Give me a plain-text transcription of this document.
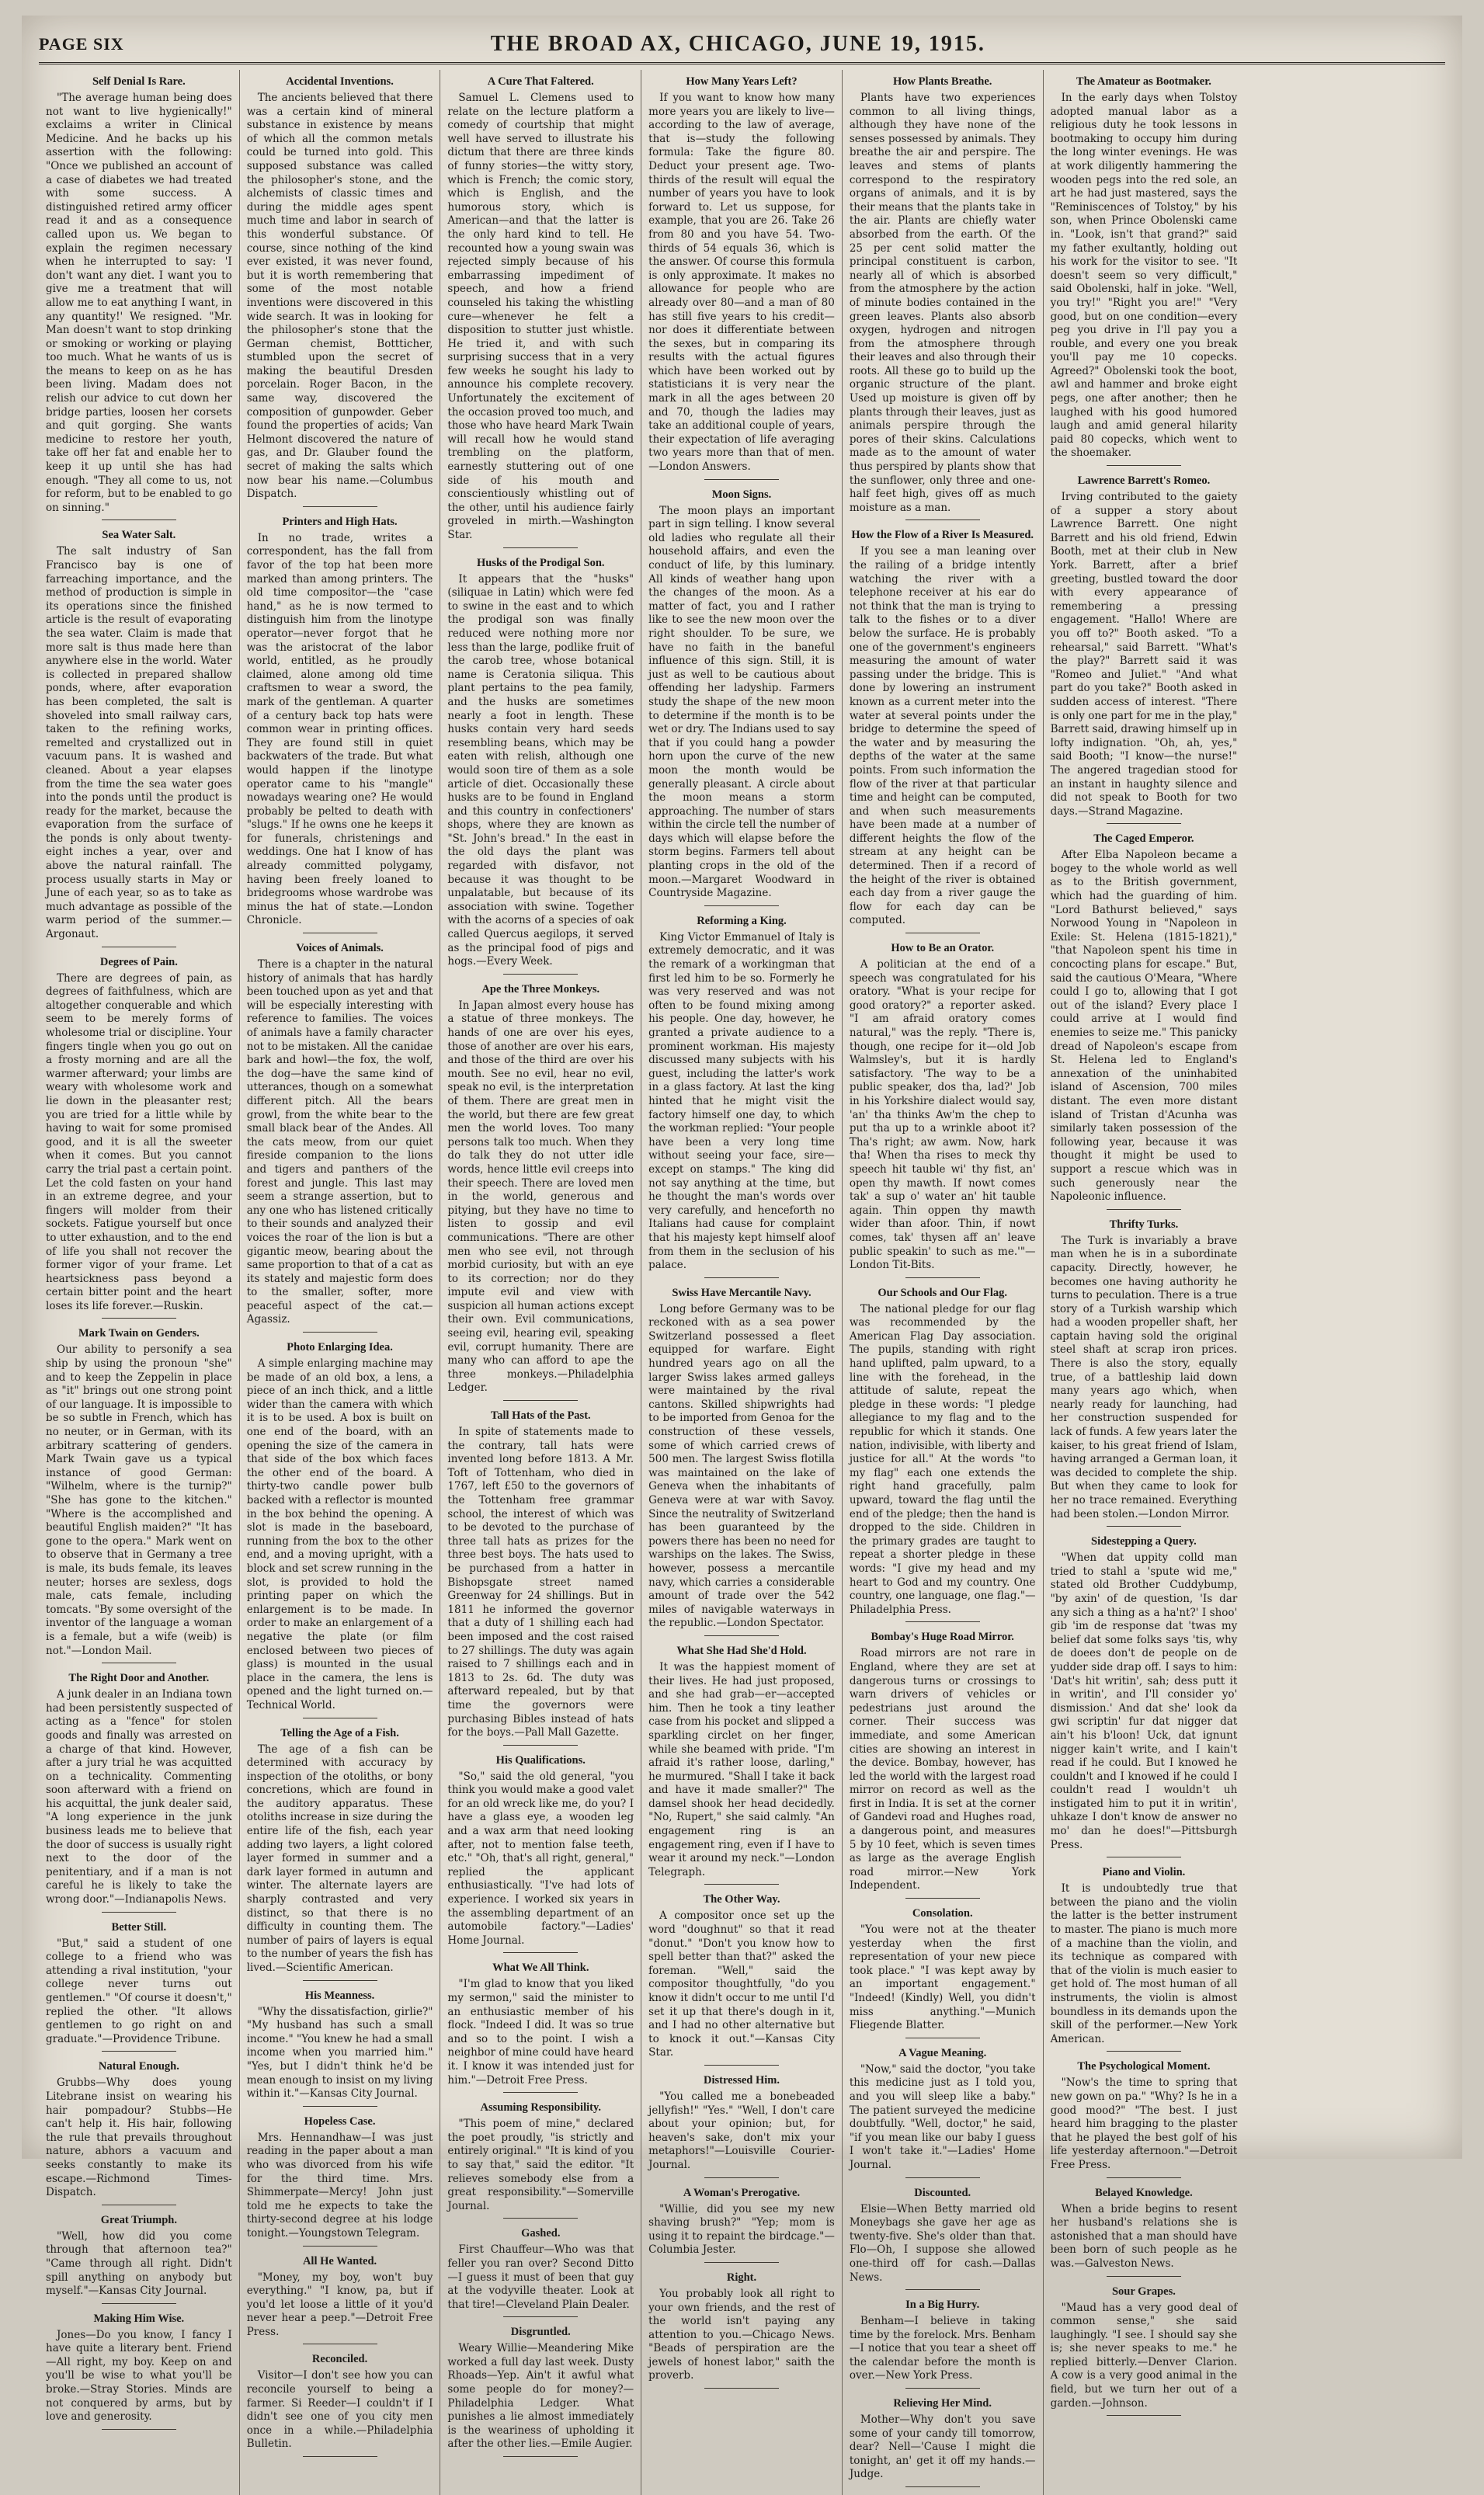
PAGE SIX	THE BROAD AX, CHICAGO, JUNE 19, 1915.
Self Denial Is Rare.

"The average human being does not want to live hygienically!" exclaims a writer in Clinical Medicine. And he backs up his assertion with the following: "Once we published an account of a case of diabetes we had treated with some success. A distinguished retired army officer read it and as a consequence called upon us. We began to explain the regimen necessary when he interrupted to say: 'I don't want any diet. I want you to give me a treatment that will allow me to eat anything I want, in any quantity!' We resigned. "Mr. Man doesn't want to stop drinking or smoking or working or playing too much. What he wants of us is the means to keep on as he has been living. Madam does not relish our advice to cut down her bridge parties, loosen her corsets and quit gorging. She wants medicine to restore her youth, take off her fat and enable her to keep it up until she has had enough. "They all come to us, not for reform, but to be enabled to go on sinning."

Sea Water Salt.

The salt industry of San Francisco bay is one of farreaching importance, and the method of production is simple in its operations since the finished article is the result of evaporating the sea water. Claim is made that more salt is thus made here than anywhere else in the world. Water is collected in prepared shallow ponds, where, after evaporation has been completed, the salt is shoveled into small railway cars, taken to the refining works, remelted and crystallized out in vacuum pans. It is washed and cleaned. About a year elapses from the time the sea water goes into the ponds until the product is ready for the market, because the evaporation from the surface of the ponds is only about twenty-eight inches a year, over and above the natural rainfall. The process usually starts in May or June of each year, so as to take as much advantage as possible of the warm period of the summer.—Argonaut.

Degrees of Pain.

There are degrees of pain, as degrees of faithfulness, which are altogether conquerable and which seem to be merely forms of wholesome trial or discipline. Your fingers tingle when you go out on a frosty morning and are all the warmer afterward; your limbs are weary with wholesome work and lie down in the pleasanter rest; you are tried for a little while by having to wait for some promised good, and it is all the sweeter when it comes. But you cannot carry the trial past a certain point. Let the cold fasten on your hand in an extreme degree, and your fingers will molder from their sockets. Fatigue yourself but once to utter exhaustion, and to the end of life you shall not recover the former vigor of your frame. Let heartsickness pass beyond a certain bitter point and the heart loses its life forever.—Ruskin.

Mark Twain on Genders.

Our ability to personify a sea ship by using the pronoun "she" and to keep the Zeppelin in place as "it" brings out one strong point of our language. It is impossible to be so subtle in French, which has no neuter, or in German, with its arbitrary scattering of genders. Mark Twain gave us a typical instance of good German: "Wilhelm, where is the turnip?" "She has gone to the kitchen." "Where is the accomplished and beautiful English maiden?" "It has gone to the opera." Mark went on to observe that in Germany a tree is male, its buds female, its leaves neuter; horses are sexless, dogs male, cats female, including tomcats. "By some oversight of the inventor of the language a woman is a female, but a wife (weib) is not."—London Mail.

The Right Door and Another.

A junk dealer in an Indiana town had been persistently suspected of acting as a "fence" for stolen goods and finally was arrested on a charge of that kind. However, after a jury trial he was acquitted on a technicality. Commenting soon afterward with a friend on his acquittal, the junk dealer said, "A long experience in the junk business leads me to believe that the door of success is usually right next to the door of the penitentiary, and if a man is not careful he is likely to take the wrong door."—Indianapolis News.

Better Still.

"But," said a student of one college to a friend who was attending a rival institution, "your college never turns out gentlemen." "Of course it doesn't," replied the other. "It allows gentlemen to go right on and graduate."—Providence Tribune.

Natural Enough.

Grubbs—Why does young Litebrane insist on wearing his hair pompadour? Stubbs—He can't help it. His hair, following the rule that prevails throughout nature, abhors a vacuum and seeks constantly to make its escape.—Richmond Times-Dispatch.

Great Triumph.

"Well, how did you come through that afternoon tea?" "Came through all right. Didn't spill anything on anybody but myself."—Kansas City Journal.

Making Him Wise.

Jones—Do you know, I fancy I have quite a literary bent. Friend—All right, my boy. Keep on and you'll be wise to what you'll be broke.—Stray Stories. Minds are not conquered by arms, but by love and generosity.

Accidental Inventions.

The ancients believed that there was a certain kind of mineral substance in existence by means of which all the common metals could be turned into gold. This supposed substance was called the philosopher's stone, and the alchemists of classic times and during the middle ages spent much time and labor in search of this wonderful substance. Of course, since nothing of the kind ever existed, it was never found, but it is worth remembering that some of the most notable inventions were discovered in this wide search. It was in looking for the philosopher's stone that the German chemist, Bottticher, stumbled upon the secret of making the beautiful Dresden porcelain. Roger Bacon, in the same way, discovered the composition of gunpowder. Geber found the properties of acids; Van Helmont discovered the nature of gas, and Dr. Glauber found the secret of making the salts which now bear his name.—Columbus Dispatch.

Printers and High Hats.

In no trade, writes a correspondent, has the fall from favor of the top hat been more marked than among printers. The old time compositor—the "case hand," as he is now termed to distinguish him from the linotype operator—never forgot that he was the aristocrat of the labor world, entitled, as he proudly claimed, alone among old time craftsmen to wear a sword, the mark of the gentleman. A quarter of a century back top hats were common wear in printing offices. They are found still in quiet backwaters of the trade. But what would happen if the linotype operator came to his "mangle" nowadays wearing one? He would probably be pelted to death with "slugs." If he owns one he keeps it for funerals, christenings and weddings. One hat I know of has already committed polygamy, having been freely loaned to bridegrooms whose wardrobe was minus the hat of state.—London Chronicle.

Voices of Animals.

There is a chapter in the natural history of animals that has hardly been touched upon as yet and that will be especially interesting with reference to families. The voices of animals have a family character not to be mistaken. All the canidae bark and howl—the fox, the wolf, the dog—have the same kind of utterances, though on a somewhat different pitch. All the bears growl, from the white bear to the small black bear of the Andes. All the cats meow, from our quiet fireside companion to the lions and tigers and panthers of the forest and jungle. This last may seem a strange assertion, but to any one who has listened critically to their sounds and analyzed their voices the roar of the lion is but a gigantic meow, bearing about the same proportion to that of a cat as its stately and majestic form does to the smaller, softer, more peaceful aspect of the cat.—Agassiz.

Photo Enlarging Idea.

A simple enlarging machine may be made of an old box, a lens, a piece of an inch thick, and a little wider than the camera with which it is to be used. A box is built on one end of the board, with an opening the size of the camera in that side of the box which faces the other end of the board. A thirty-two candle power bulb backed with a reflector is mounted in the box behind the opening. A slot is made in the baseboard, running from the box to the other end, and a moving upright, with a block and set screw running in the slot, is provided to hold the printing paper on which the enlargement is to be made. In order to make an enlargement of a negative the plate (or film enclosed between two pieces of glass) is mounted in the usual place in the camera, the lens is opened and the light turned on.—Technical World.

Telling the Age of a Fish.

The age of a fish can be determined with accuracy by inspection of the otoliths, or bony concretions, which are found in the auditory apparatus. These otoliths increase in size during the entire life of the fish, each year adding two layers, a light colored layer formed in summer and a dark layer formed in autumn and winter. The alternate layers are sharply contrasted and very distinct, so that there is no difficulty in counting them. The number of pairs of layers is equal to the number of years the fish has lived.—Scientific American.

His Meanness.

"Why the dissatisfaction, girlie?" "My husband has such a small income." "You knew he had a small income when you married him." "Yes, but I didn't think he'd be mean enough to insist on my living within it."—Kansas City Journal.

Hopeless Case.

Mrs. Hennandhaw—I was just reading in the paper about a man who was divorced from his wife for the third time. Mrs. Shimmerpate—Mercy! John just told me he expects to take the thirty-second degree at his lodge tonight.—Youngstown Telegram.

All He Wanted.

"Money, my boy, won't buy everything." "I know, pa, but if you'd let loose a little of it you'd never hear a peep."—Detroit Free Press.

Reconciled.

Visitor—I don't see how you can reconcile yourself to being a farmer. Si Reeder—I couldn't if I didn't see one of you city men once in a while.—Philadelphia Bulletin.

A Cure That Faltered.

Samuel L. Clemens used to relate on the lecture platform a comedy of courtship that might well have served to illustrate his dictum that there are three kinds of funny stories—the witty story, which is French; the comic story, which is English, and the humorous story, which is American—and that the latter is the only hard kind to tell. He recounted how a young swain was rejected simply because of his embarrassing impediment of speech, and how a friend counseled his taking the whistling cure—whenever he felt a disposition to stutter just whistle. He tried it, and with such surprising success that in a very few weeks he sought his lady to announce his complete recovery. Unfortunately the excitement of the occasion proved too much, and those who have heard Mark Twain will recall how he would stand trembling on the platform, earnestly stuttering out of one side of his mouth and conscientiously whistling out of the other, until his audience fairly groveled in mirth.—Washington Star.

Husks of the Prodigal Son.

It appears that the "husks" (siliquae in Latin) which were fed to swine in the east and to which the prodigal son was finally reduced were nothing more nor less than the large, podlike fruit of the carob tree, whose botanical name is Ceratonia siliqua. This plant pertains to the pea family, and the husks are sometimes nearly a foot in length. These husks contain very hard seeds resembling beans, which may be eaten with relish, although one would soon tire of them as a sole article of diet. Occasionally these husks are to be found in England and this country in confectioners' shops, where they are known as "St. John's bread." In the east in the old days the plant was regarded with disfavor, not because it was thought to be unpalatable, but because of its association with swine. Together with the acorns of a species of oak called Quercus aegilops, it served as the principal food of pigs and hogs.—Every Week.

Ape the Three Monkeys.

In Japan almost every house has a statue of three monkeys. The hands of one are over his eyes, those of another are over his ears, and those of the third are over his mouth. See no evil, hear no evil, speak no evil, is the interpretation of them. There are great men in the world, but there are few great men the world loves. Too many persons talk too much. When they do talk they do not utter idle words, hence little evil creeps into their speech. There are loved men in the world, generous and pitying, but they have no time to listen to gossip and evil communications. "There are other men who see evil, not through morbid curiosity, but with an eye to its correction; nor do they impute evil and view with suspicion all human actions except their own. Evil communications, seeing evil, hearing evil, speaking evil, corrupt humanity. There are many who can afford to ape the three monkeys.—Philadelphia Ledger.

Tall Hats of the Past.

In spite of statements made to the contrary, tall hats were invented long before 1813. A Mr. Toft of Tottenham, who died in 1767, left £50 to the governors of the Tottenham free grammar school, the interest of which was to be devoted to the purchase of three tall hats as prizes for the three best boys. The hats used to be purchased from a hatter in Bishopsgate street named Greenway for 24 shillings. But in 1811 he informed the governor that a duty of 1 shilling each had been imposed and the cost raised to 27 shillings. The duty was again raised to 7 shillings each and in 1813 to 2s. 6d. The duty was afterward repealed, but by that time the governors were purchasing Bibles instead of hats for the boys.—Pall Mall Gazette.

His Qualifications.

"So," said the old general, "you think you would make a good valet for an old wreck like me, do you? I have a glass eye, a wooden leg and a wax arm that need looking after, not to mention false teeth, etc." "Oh, that's all right, general," replied the applicant enthusiastically. "I've had lots of experience. I worked six years in the assembling department of an automobile factory."—Ladies' Home Journal.

What We All Think.

"I'm glad to know that you liked my sermon," said the minister to an enthusiastic member of his flock. "Indeed I did. It was so true and so to the point. I wish a neighbor of mine could have heard it. I know it was intended just for him."—Detroit Free Press.

Assuming Responsibility.

"This poem of mine," declared the poet proudly, "is strictly and entirely original." "It is kind of you to say that," said the editor. "It relieves somebody else from a great responsibility."—Somerville Journal.

Gashed.

First Chauffeur—Who was that feller you ran over? Second Ditto—I guess it must of been that guy at the vodyville theater. Look at that tire!—Cleveland Plain Dealer.

Disgruntled.

Weary Willie—Meandering Mike worked a full day last week. Dusty Rhoads—Yep. Ain't it awful what some people do for money?—Philadelphia Ledger. What punishes a lie almost immediately is the weariness of upholding it after the other lies.—Emile Augier.

How Many Years Left?

If you want to know how many more years you are likely to live—according to the law of average, that is—study the following formula: Take the figure 80. Deduct your present age. Two-thirds of the result will equal the number of years you have to look forward to. Let us suppose, for example, that you are 26. Take 26 from 80 and you have 54. Two-thirds of 54 equals 36, which is the answer. Of course this formula is only approximate. It makes no allowance for people who are already over 80—and a man of 80 has still five years to his credit—nor does it differentiate between the sexes, but in comparing its results with the actual figures which have been worked out by statisticians it is very near the mark in all the ages between 20 and 70, though the ladies may take an additional couple of years, their expectation of life averaging two years more than that of men.—London Answers.

Moon Signs.

The moon plays an important part in sign telling. I know several old ladies who regulate all their household affairs, and even the conduct of life, by this luminary. All kinds of weather hang upon the changes of the moon. As a matter of fact, you and I rather like to see the new moon over the right shoulder. To be sure, we have no faith in the baneful influence of this sign. Still, it is just as well to be cautious about offending her ladyship. Farmers study the shape of the new moon to determine if the month is to be wet or dry. The Indians used to say that if you could hang a powder horn upon the curve of the new moon the month would be generally pleasant. A circle about the moon means a storm approaching. The number of stars within the circle tell the number of days which will elapse before the storm begins. Farmers tell about planting crops in the old of the moon.—Margaret Woodward in Countryside Magazine.

Reforming a King.

King Victor Emmanuel of Italy is extremely democratic, and it was the remark of a workingman that first led him to be so. Formerly he was very reserved and was not often to be found mixing among his people. One day, however, he granted a private audience to a prominent workman. His majesty discussed many subjects with his guest, including the latter's work in a glass factory. At last the king hinted that he might visit the factory himself one day, to which the workman replied: "Your people have been a very long time without seeing your face, sire—except on stamps." The king did not say anything at the time, but he thought the man's words over very carefully, and henceforth no Italians had cause for complaint that his majesty kept himself aloof from them in the seclusion of his palace.

Swiss Have Mercantile Navy.

Long before Germany was to be reckoned with as a sea power Switzerland possessed a fleet equipped for warfare. Eight hundred years ago on all the larger Swiss lakes armed galleys were maintained by the rival cantons. Skilled shipwrights had to be imported from Genoa for the construction of these vessels, some of which carried crews of 500 men. The largest Swiss flotilla was maintained on the lake of Geneva when the inhabitants of Geneva were at war with Savoy. Since the neutrality of Switzerland has been guaranteed by the powers there has been no need for warships on the lakes. The Swiss, however, possess a mercantile navy, which carries a considerable amount of trade over the 542 miles of navigable waterways in the republic.—London Spectator.

What She Had She'd Hold.

It was the happiest moment of their lives. He had just proposed, and she had grab—er—accepted him. Then he took a tiny leather case from his pocket and slipped a sparkling circlet on her finger, while she beamed with pride. "I'm afraid it's rather loose, darling," he murmured. "Shall I take it back and have it made smaller?" The damsel shook her head decidedly. "No, Rupert," she said calmly. "An engagement ring is an engagement ring, even if I have to wear it around my neck."—London Telegraph.

The Other Way.

A compositor once set up the word "doughnut" so that it read "donut." "Don't you know how to spell better than that?" asked the foreman. "Well," said the compositor thoughtfully, "do you know it didn't occur to me until I'd set it up that there's dough in it, and I had no other alternative but to knock it out."—Kansas City Star.

Distressed Him.

"You called me a bonebeaded jellyfish!" "Yes." "Well, I don't care about your opinion; but, for heaven's sake, don't mix your metaphors!"—Louisville Courier-Journal.

A Woman's Prerogative.

"Willie, did you see my new shaving brush?" "Yep; mom is using it to repaint the birdcage."—Columbia Jester.

Right.

You probably look all right to your own friends, and the rest of the world isn't paying any attention to you.—Chicago News. "Beads of perspiration are the jewels of honest labor," saith the proverb.

How Plants Breathe.

Plants have two experiences common to all living things, although they have none of the senses possessed by animals. They breathe the air and perspire. The leaves and stems of plants correspond to the respiratory organs of animals, and it is by their means that the plants take in the air. Plants are chiefly water absorbed from the earth. Of the 25 per cent solid matter the principal constituent is carbon, nearly all of which is absorbed from the atmosphere by the action of minute bodies contained in the green leaves. Plants also absorb oxygen, hydrogen and nitrogen from the atmosphere through their leaves and also through their roots. All these go to build up the organic structure of the plant. Used up moisture is given off by plants through their leaves, just as animals perspire through the pores of their skins. Calculations made as to the amount of water thus perspired by plants show that the sunflower, only three and one-half feet high, gives off as much moisture as a man.

How the Flow of a River Is Measured.

If you see a man leaning over the railing of a bridge intently watching the river with a telephone receiver at his ear do not think that the man is trying to talk to the fishes or to a diver below the surface. He is probably one of the government's engineers measuring the amount of water passing under the bridge. This is done by lowering an instrument known as a current meter into the water at several points under the bridge to determine the speed of the water and by measuring the depths of the water at the same points. From such information the flow of the river at that particular time and height can be computed, and when such measurements have been made at a number of different heights the flow of the stream at any height can be determined. Then if a record of the height of the river is obtained each day from a river gauge the flow for each day can be computed.

How to Be an Orator.

A politician at the end of a speech was congratulated for his oratory. "What is your recipe for good oratory?" a reporter asked. "I am afraid oratory comes natural," was the reply. "There is, though, one recipe for it—old Job Walmsley's, but it is hardly satisfactory. 'The way to be a public speaker, dos tha, lad?' Job in his Yorkshire dialect would say, 'an' tha thinks Aw'm the chep to put tha up to a wrinkle aboot it? Tha's right; aw awm. Now, hark tha! When tha rises to meck thy speech hit tauble wi' thy fist, an' open thy mawth. If nowt comes tak' a sup o' water an' hit tauble again. Thin oppen thy mawth wider than afoor. Thin, if nowt comes, tak' thysen aff an' leave public speakin' to such as me.'"—London Tit-Bits.

Our Schools and Our Flag.

The national pledge for our flag was recommended by the American Flag Day association. The pupils, standing with right hand uplifted, palm upward, to a line with the forehead, in the attitude of salute, repeat the pledge in these words: "I pledge allegiance to my flag and to the republic for which it stands. One nation, indivisible, with liberty and justice for all." At the words "to my flag" each one extends the right hand gracefully, palm upward, toward the flag until the end of the pledge; then the hand is dropped to the side. Children in the primary grades are taught to repeat a shorter pledge in these words: "I give my head and my heart to God and my country. One country, one language, one flag."—Philadelphia Press.

Bombay's Huge Road Mirror.

Road mirrors are not rare in England, where they are set at dangerous turns or crossings to warn drivers of vehicles or pedestrians just around the corner. Their success was immediate, and some American cities are showing an interest in the device. Bombay, however, has led the world with the largest road mirror on record as well as the first in India. It is set at the corner of Gandevi road and Hughes road, a dangerous point, and measures 5 by 10 feet, which is seven times as large as the average English road mirror.—New York Independent.

Consolation.

"You were not at the theater yesterday when the first representation of your new piece took place." "I was kept away by an important engagement." "Indeed! (Kindly) Well, you didn't miss anything."—Munich Fliegende Blatter.

A Vague Meaning.

"Now," said the doctor, "you take this medicine just as I told you, and you will sleep like a baby." The patient surveyed the medicine doubtfully. "Well, doctor," he said, "if you mean like our baby I guess I won't take it."—Ladies' Home Journal.

Discounted.

Elsie—When Betty married old Moneybags she gave her age as twenty-five. She's older than that. Flo—Oh, I suppose she allowed one-third off for cash.—Dallas News.

In a Big Hurry.

Benham—I believe in taking time by the forelock. Mrs. Benham—I notice that you tear a sheet off the calendar before the month is over.—New York Press.

Relieving Her Mind.

Mother—Why don't you save some of your candy till tomorrow, dear? Nell—'Cause I might die tonight, an' get it off my hands.—Judge.

The Amateur as Bootmaker.

In the early days when Tolstoy adopted manual labor as a religious duty he took lessons in bootmaking to occupy him during the long winter evenings. He was at work diligently hammering the wooden pegs into the red sole, an art he had just mastered, says the "Reminiscences of Tolstoy," by his son, when Prince Obolenski came in. "Look, isn't that grand?" said my father exultantly, holding out his work for the visitor to see. "It doesn't seem so very difficult," said Obolenski, half in joke. "Well, you try!" "Right you are!" "Very good, but on one condition—every peg you drive in I'll pay you a rouble, and every one you break you'll pay me 10 copecks. Agreed?" Obolenski took the boot, awl and hammer and broke eight pegs, one after another; then he laughed with his good humored laugh and amid general hilarity paid 80 copecks, which went to the shoemaker.

Lawrence Barrett's Romeo.

Irving contributed to the gaiety of a supper a story about Lawrence Barrett. One night Barrett and his old friend, Edwin Booth, met at their club in New York. Barrett, after a brief greeting, bustled toward the door with every appearance of remembering a pressing engagement. "Hallo! Where are you off to?" Booth asked. "To a rehearsal," said Barrett. "What's the play?" Barrett said it was "Romeo and Juliet." "And what part do you take?" Booth asked in sudden access of interest. "There is only one part for me in the play," Barrett said, drawing himself up in lofty indignation. "Oh, ah, yes," said Booth; "I know—the nurse!" The angered tragedian stood for an instant in haughty silence and did not speak to Booth for two days.—Strand Magazine.

The Caged Emperor.

After Elba Napoleon became a bogey to the whole world as well as to the British government, which had the guarding of him. "Lord Bathurst believed," says Norwood Young in "Napoleon in Exile: St. Helena (1815-1821)," "that Napoleon spent his time in concocting plans for escape." But, said the cautious O'Meara, "Where could I go to, allowing that I got out of the island? Every place I could arrive at I would find enemies to seize me." This panicky dread of Napoleon's escape from St. Helena led to England's annexation of the uninhabited island of Ascension, 700 miles distant. The even more distant island of Tristan d'Acunha was similarly taken possession of the following year, because it was thought it might be used to support a rescue which was in such generously near the Napoleonic influence.

Thrifty Turks.

The Turk is invariably a brave man when he is in a subordinate capacity. Directly, however, he becomes one having authority he turns to peculation. There is a true story of a Turkish warship which had a wooden propeller shaft, her captain having sold the original steel shaft at scrap iron prices. There is also the story, equally true, of a battleship laid down many years ago which, when nearly ready for launching, had her construction suspended for lack of funds. A few years later the kaiser, to his great friend of Islam, having arranged a German loan, it was decided to complete the ship. But when they came to look for her no trace remained. Everything had been stolen.—London Mirror.

Sidestepping a Query.

"When dat uppity colld man tried to stahl a 'spute wid me," stated old Brother Cuddybump, "by axin' of de question, 'Is dar any sich a thing as a ha'nt?' I shoo' gib 'im de response dat 'twas my belief dat some folks says 'tis, why de doees don't de people on de yudder side drap off. I says to him: 'Dat's hit writin', sah; dess putt it in writin', and I'll consider yo' dismission.' And dat she' look da gwi scriptin' fur dat nigger dat ain't his b'loon! Uck, dat ignunt nigger kain't write, and I kain't read if he could. But I knowed he couldn't and I knowed if he could I couldn't read I wouldn't uh instigated him to put it in writin', uhkaze I don't know de answer no mo' dan he does!"—Pittsburgh Press.

Piano and Violin.

It is undoubtedly true that between the piano and the violin the latter is the better instrument to master. The piano is much more of a machine than the violin, and its technique as compared with that of the violin is much easier to get hold of. The most human of all instruments, the violin is almost boundless in its demands upon the skill of the performer.—New York American.

The Psychological Moment.

"Now's the time to spring that new gown on pa." "Why? Is he in a good mood?" "The best. I just heard him bragging to the plaster that he played the best golf of his life yesterday afternoon."—Detroit Free Press.

Belayed Knowledge.

When a bride begins to resent her husband's relations she is astonished that a man should have been born of such people as he was.—Galveston News.

Sour Grapes.

"Maud has a very good deal of common sense," she said laughingly. "I see. I should say she is; she never speaks to me." he replied bitterly.—Denver Clarion. A cow is a very good animal in the field, but we turn her out of a garden.—Johnson.
